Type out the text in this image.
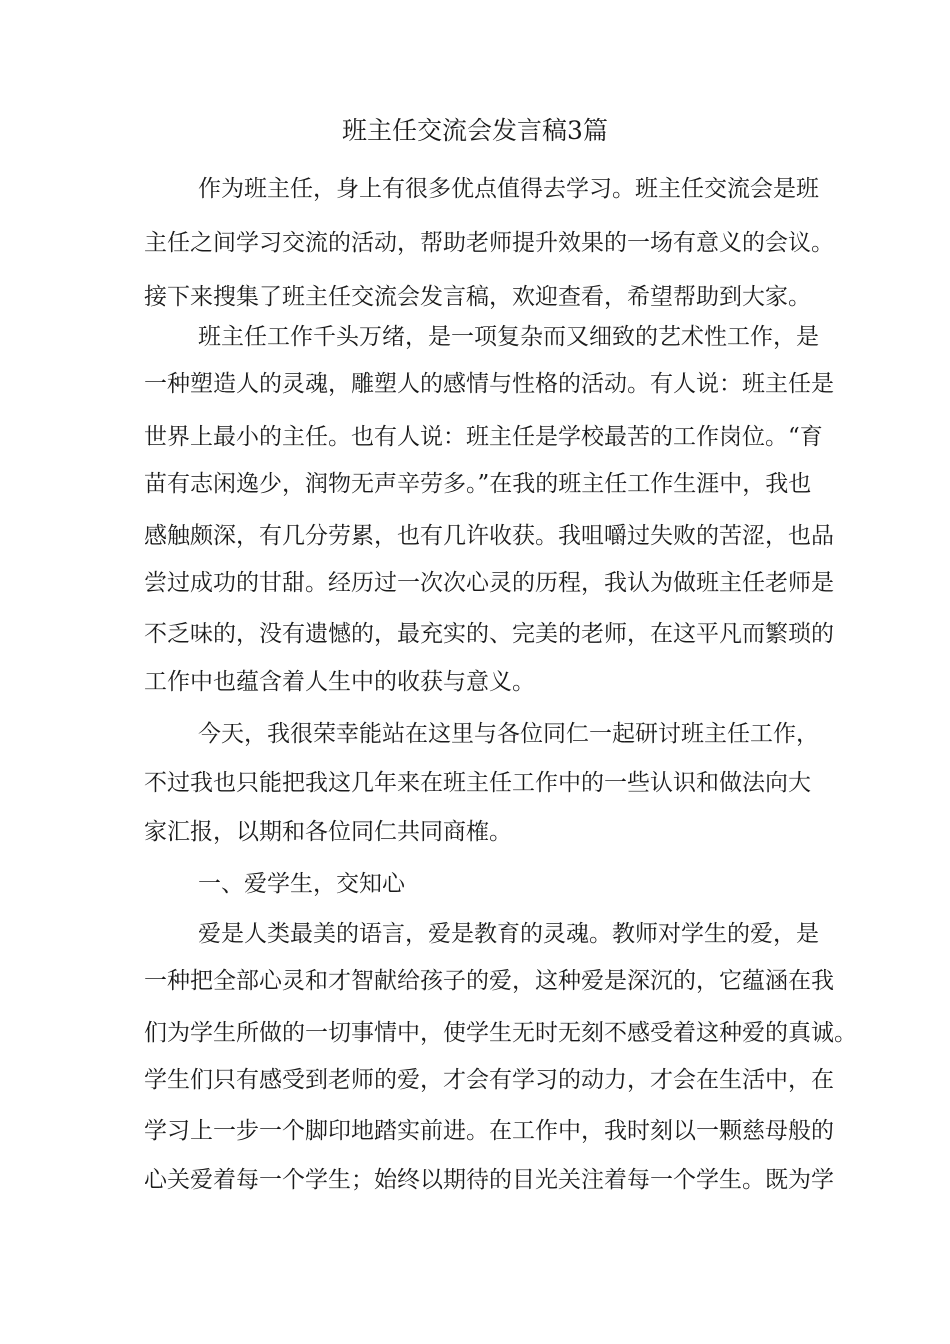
班主任交流会发言稿3篇
作为班主任，身上有很多优点值得去学习。班主任交流会是班
主任之间学习交流的活动，帮助老师提升效果的一场有意义的会议。
接下来搜集了班主任交流会发言稿，欢迎查看，希望帮助到大家。
班主任工作千头万绪，是一项复杂而又细致的艺术性工作，是
一种塑造人的灵魂，雕塑人的感情与性格的活动。有人说：班主任是
世界上最小的主任。也有人说：班主任是学校最苦的工作岗位。“育
苗有志闲逸少，润物无声辛劳多。”在我的班主任工作生涯中，我也
感触颇深，有几分劳累，也有几许收获。我咀嚼过失败的苦涩，也品
尝过成功的甘甜。经历过一次次心灵的历程，我认为做班主任老师是
不乏味的，没有遗憾的，最充实的、完美的老师，在这平凡而繁琐的
工作中也蕴含着人生中的收获与意义。
今天，我很荣幸能站在这里与各位同仁一起研讨班主任工作，
不过我也只能把我这几年来在班主任工作中的一些认识和做法向大
家汇报，以期和各位同仁共同商榷。
一、爱学生，交知心
爱是人类最美的语言，爱是教育的灵魂。教师对学生的爱，是
一种把全部心灵和才智献给孩子的爱，这种爱是深沉的，它蕴涵在我
们为学生所做的一切事情中，使学生无时无刻不感受着这种爱的真诚。
学生们只有感受到老师的爱，才会有学习的动力，才会在生活中，在
学习上一步一个脚印地踏实前进。在工作中，我时刻以一颗慈母般的
心关爱着每一个学生；始终以期待的目光关注着每一个学生。既为学
